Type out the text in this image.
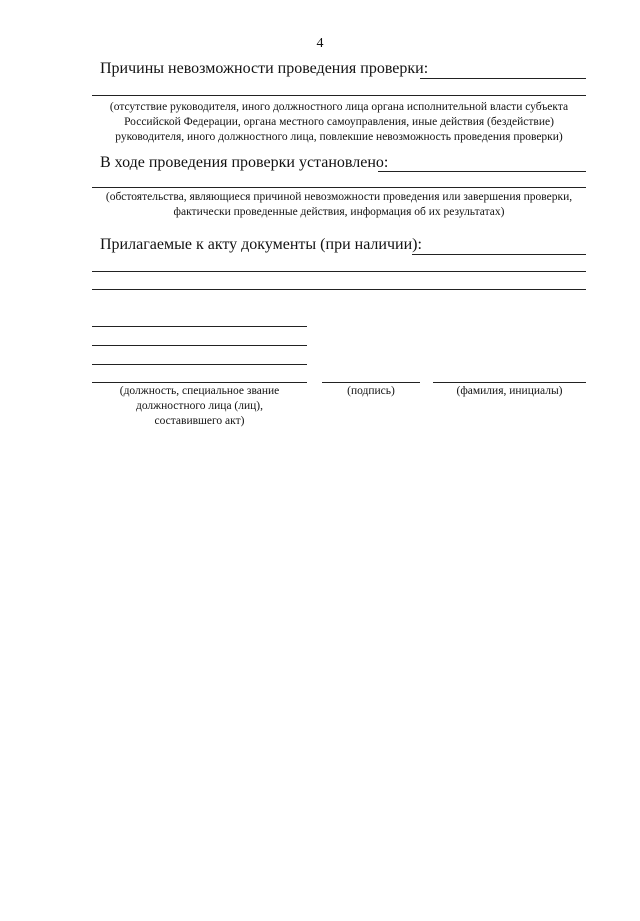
4
Причины невозможности проведения проверки:
(отсутствие руководителя, иного должностного лица органа исполнительной власти субъекта
Российской Федерации, органа местного самоуправления, иные действия (бездействие)
руководителя, иного должностного лица, повлекшие невозможность проведения проверки)
В ходе проведения проверки установлено:
(обстоятельства, являющиеся причиной невозможности проведения или завершения проверки,
фактически проведенные действия, информация об их результатах)
Прилагаемые к акту документы (при наличии):
(должность, специальное звание
должностного лица (лиц),
составившего акт)
(подпись)	(фамилия, инициалы)
